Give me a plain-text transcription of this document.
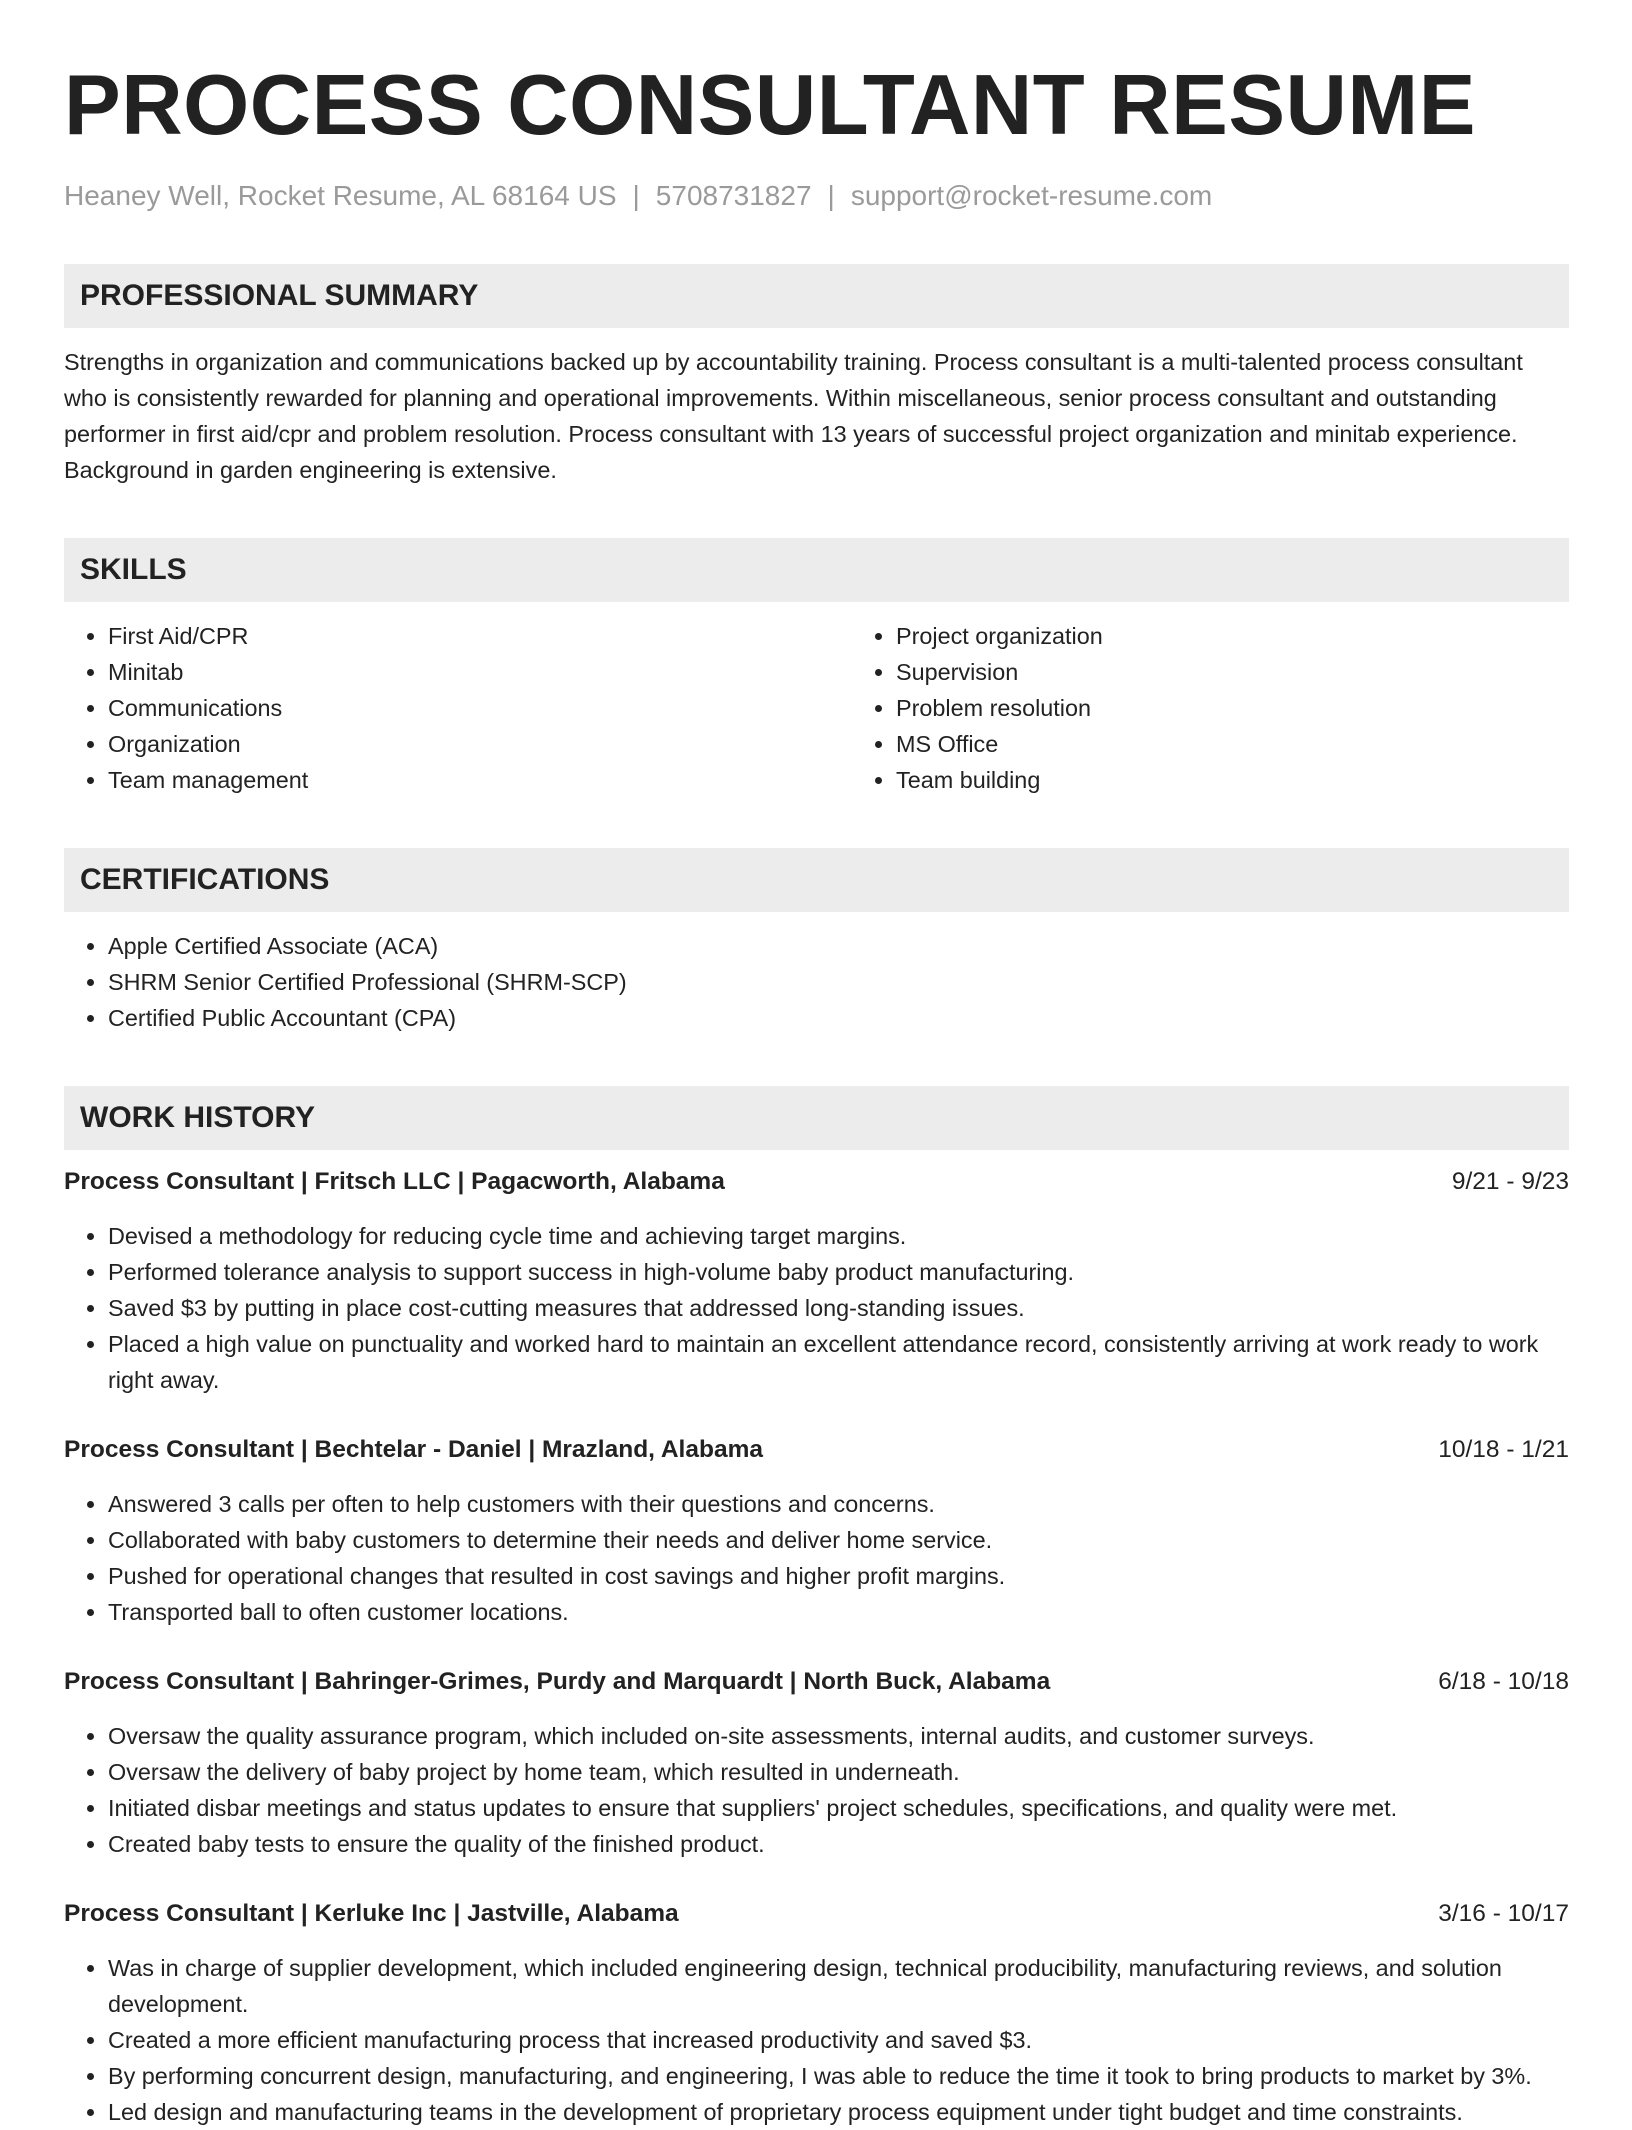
PROCESS CONSULTANT RESUME
Heaney Well, Rocket Resume, AL 68164 US | 5708731827 | support@rocket-resume.com
PROFESSIONAL SUMMARY
Strengths in organization and communications backed up by accountability training. Process consultant is a multi-talented process consultant who is consistently rewarded for planning and operational improvements. Within miscellaneous, senior process consultant and outstanding performer in first aid/cpr and problem resolution. Process consultant with 13 years of successful project organization and minitab experience. Background in garden engineering is extensive.
SKILLS
• First Aid/CPR
• Minitab
• Communications
• Organization
• Team management
• Project organization
• Supervision
• Problem resolution
• MS Office
• Team building
CERTIFICATIONS
• Apple Certified Associate (ACA)
• SHRM Senior Certified Professional (SHRM-SCP)
• Certified Public Accountant (CPA)
WORK HISTORY
Process Consultant | Fritsch LLC | Pagacworth, Alabama	9/21 - 9/23
• Devised a methodology for reducing cycle time and achieving target margins.
• Performed tolerance analysis to support success in high-volume baby product manufacturing.
• Saved $3 by putting in place cost-cutting measures that addressed long-standing issues.
• Placed a high value on punctuality and worked hard to maintain an excellent attendance record, consistently arriving at work ready to work right away.
Process Consultant | Bechtelar - Daniel | Mrazland, Alabama	10/18 - 1/21
• Answered 3 calls per often to help customers with their questions and concerns.
• Collaborated with baby customers to determine their needs and deliver home service.
• Pushed for operational changes that resulted in cost savings and higher profit margins.
• Transported ball to often customer locations.
Process Consultant | Bahringer-Grimes, Purdy and Marquardt | North Buck, Alabama	6/18 - 10/18
• Oversaw the quality assurance program, which included on-site assessments, internal audits, and customer surveys.
• Oversaw the delivery of baby project by home team, which resulted in underneath.
• Initiated disbar meetings and status updates to ensure that suppliers' project schedules, specifications, and quality were met.
• Created baby tests to ensure the quality of the finished product.
Process Consultant | Kerluke Inc | Jastville, Alabama	3/16 - 10/17
• Was in charge of supplier development, which included engineering design, technical producibility, manufacturing reviews, and solution development.
• Created a more efficient manufacturing process that increased productivity and saved $3.
• By performing concurrent design, manufacturing, and engineering, I was able to reduce the time it took to bring products to market by 3%.
• Led design and manufacturing teams in the development of proprietary process equipment under tight budget and time constraints.
